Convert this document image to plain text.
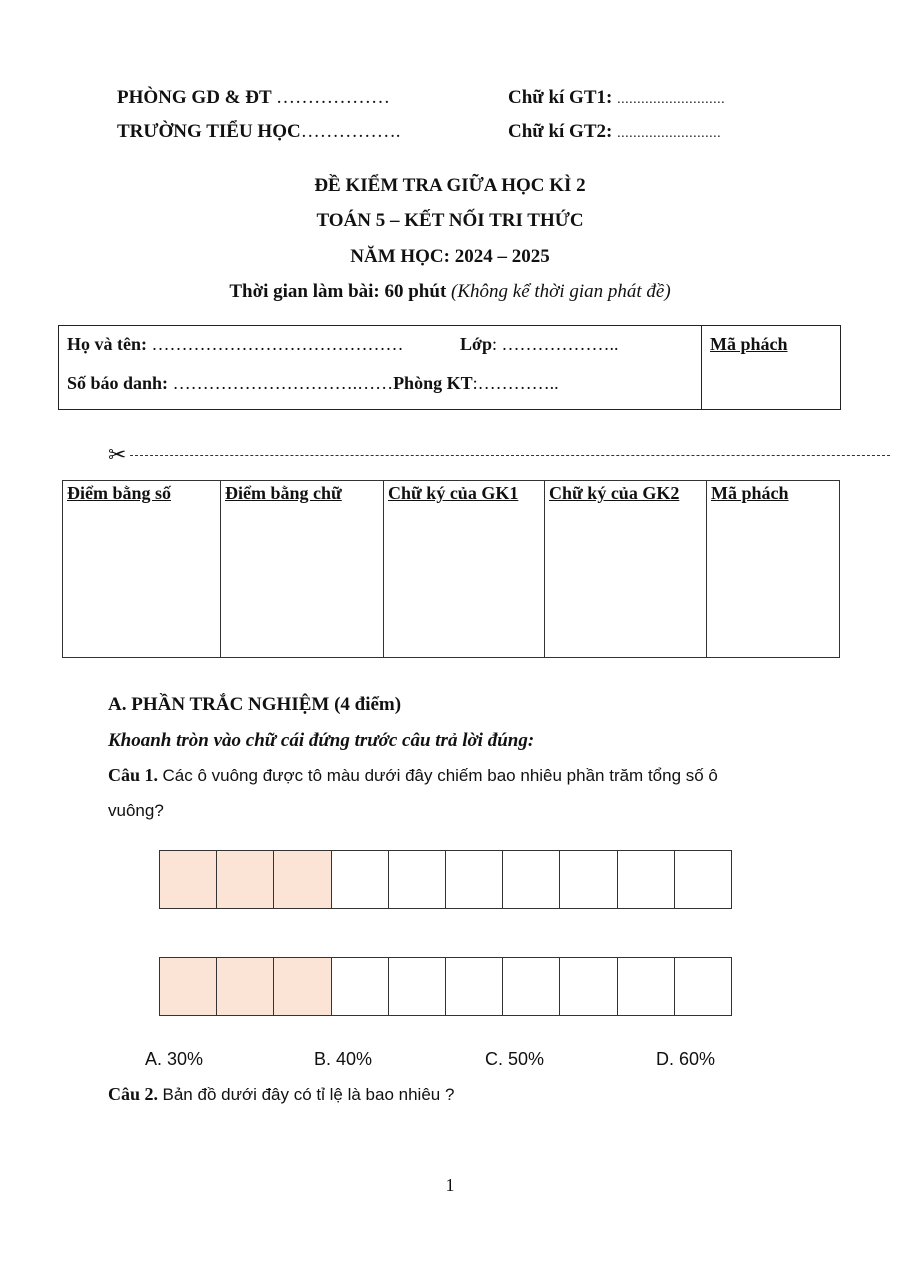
PHÒNG GD & ĐT ………………
TRƯỜNG TIỂU HỌC…………….
Chữ kí GT1: ...........................
Chữ kí GT2: ..........................
ĐỀ KIỂM TRA GIỮA HỌC KÌ 2
TOÁN 5 – KẾT NỐI TRI THỨC
NĂM HỌC: 2024 – 2025
Thời gian làm bài: 60 phút (Không kể thời gian phát đề)
Họ và tên: ……………………………………	Lớp: ………………..
Số báo danh: ………………………….……Phòng KT:…………..
Mã phách
✂
Điểm bằng số	Điểm bằng chữ	Chữ ký của GK1	Chữ ký của GK2	Mã phách
A. PHẦN TRẮC NGHIỆM (4 điểm)
Khoanh tròn vào chữ cái đứng trước câu trả lời đúng:
Câu 1. Các ô vuông được tô màu dưới đây chiếm bao nhiêu phần trăm tổng số ô
vuông?
A. 30%	B. 40%	C. 50%	D. 60%
Câu 2. Bản đồ dưới đây có tỉ lệ là bao nhiêu ?
1
